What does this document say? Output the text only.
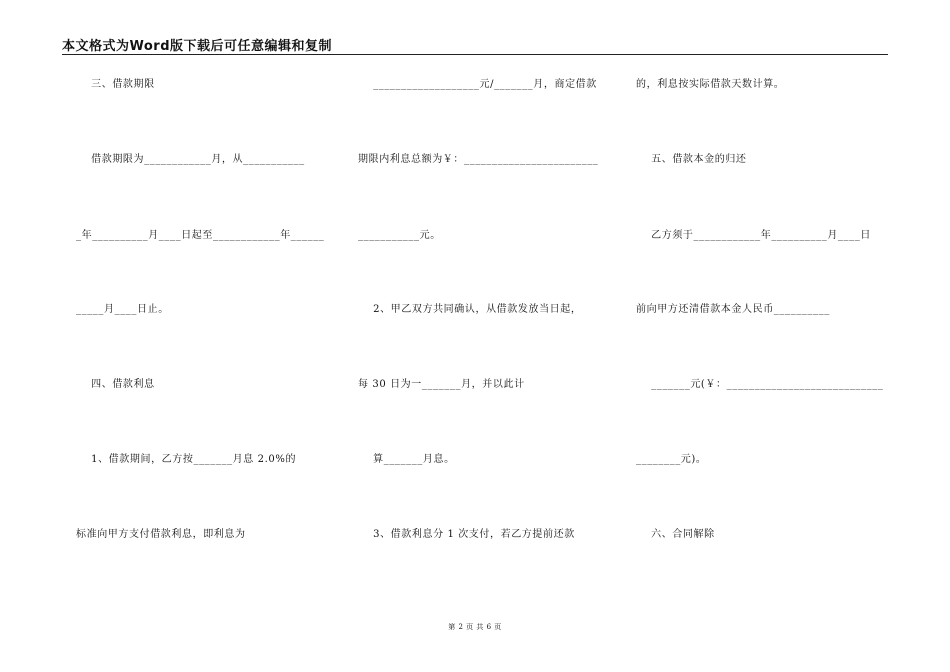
本文格式为Word版下载后可任意编辑和复制
三、借款期限
借款期限为____________月，从___________
_年__________月____日起至____________年______
_____月____日止。
四、借款利息
1、借款期间，乙方按_______月息 2.0%的
标准向甲方支付借款利息，即利息为
___________________元/_______月，商定借款
期限内利息总额为￥：________________________
___________元。
2、甲乙双方共同确认，从借款发放当日起，
每 30 日为一_______月，并以此计
算_______月息。
3、借款利息分 1 次支付，若乙方提前还款
的，利息按实际借款天数计算。
五、借款本金的归还
乙方须于____________年__________月____日
前向甲方还清借款本金人民币__________
_______元(￥：____________________________
________元)。
六、合同解除
第 2 页 共 6 页
